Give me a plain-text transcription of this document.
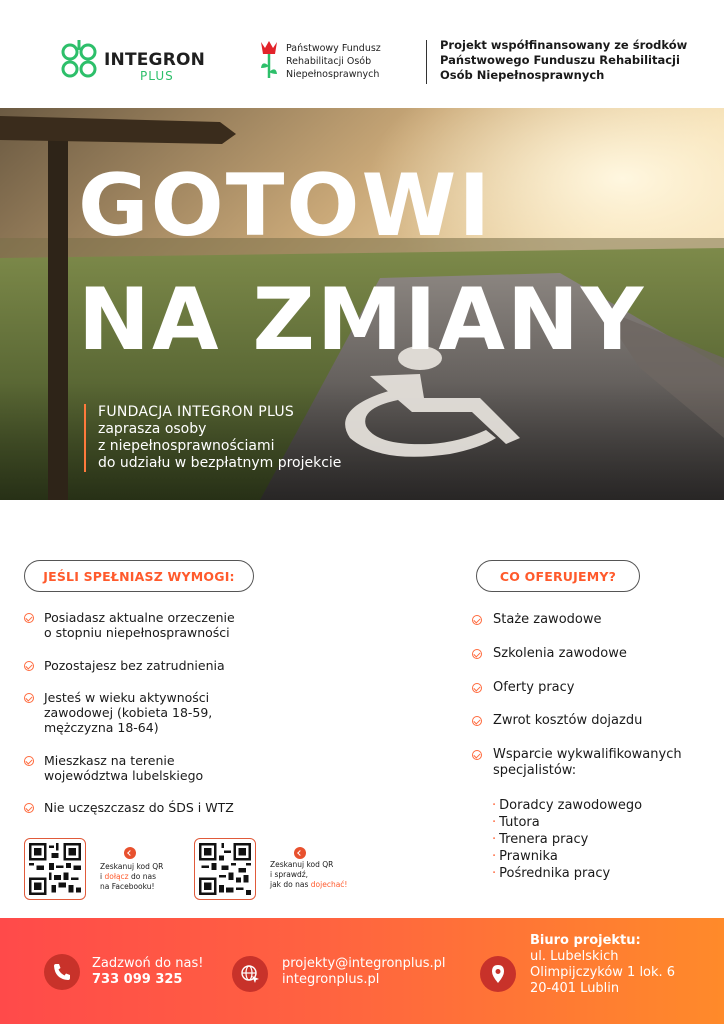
INTEGRON
PLUS
Państwowy Fundusz
Rehabilitacji Osób
Niepełnosprawnych
Projekt współfinansowany ze środków
Państwowego Funduszu Rehabilitacji
Osób Niepełnosprawnych
GOTOWI
NA ZMIANY
FUNDACJA INTEGRON PLUS
zaprasza osoby
z niepełnosprawnościami
do udziału w bezpłatnym projekcie
JEŚLI SPEŁNIASZ WYMOGI:
Posiadasz aktualne orzeczenie
o stopniu niepełnosprawności
Pozostajesz bez zatrudnienia
Jesteś w wieku aktywności
zawodowej (kobieta 18-59,
mężczyzna 18-64)
Mieszkasz na terenie
województwa lubelskiego
Nie uczęszczasz do ŚDS i WTZ
CO OFERUJEMY?
Staże zawodowe
Szkolenia zawodowe
Oferty pracy
Zwrot kosztów dojazdu
Wsparcie wykwalifikowanych
specjalistów:
· Doradcy zawodowego
· Tutora
· Trenera pracy
· Prawnika
· Pośrednika pracy
Zeskanuj kod QR
i dołącz do nas
na Facebooku!
Zeskanuj kod QR
i sprawdź,
jak do nas dojechać!
Zadzwoń do nas!
733 099 325
projekty@integronplus.pl
integronplus.pl
Biuro projektu:
ul. Lubelskich
Olimpijczyków 1 lok. 6
20-401 Lublin
